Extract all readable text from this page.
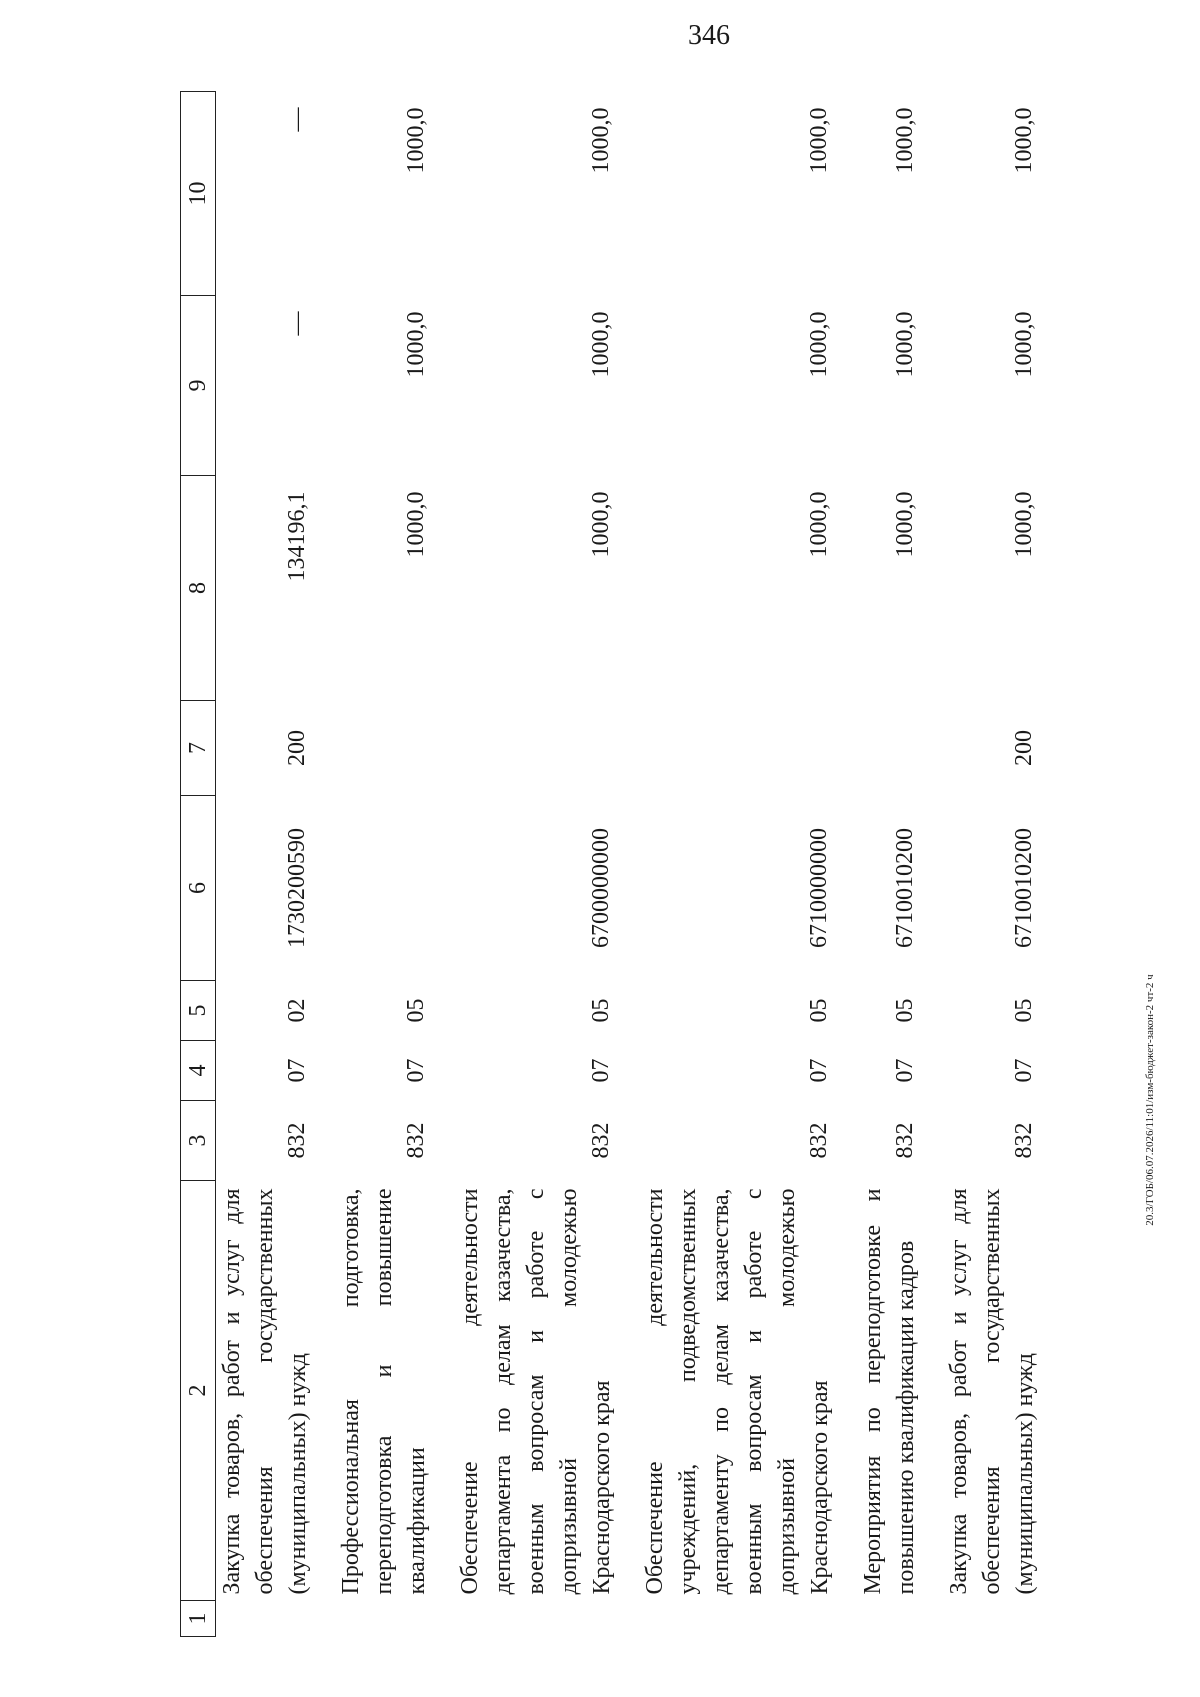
346
1	2	3	4	5	6	7	8	9	10
	Закупка товаров, работ и услуг для обеспечения государственных (муниципальных) нужд	832	07	02	1730200590	200	134196,1	—	—
	Профессиональная подготовка, переподготовка и повышение квалификации	832	07	05			1000,0	1000,0	1000,0
	Обеспечение деятельности департамента по делам казачества, военным вопросам и работе с допризывной молодежью Краснодарского края	832	07	05	6700000000		1000,0	1000,0	1000,0
	Обеспечение деятельности учреждений, подведомственных департаменту по делам казачества, военным вопросам и работе с допризывной молодежью Краснодарского края	832	07	05	6710000000		1000,0	1000,0	1000,0
	Мероприятия по переподготовке и повышению квалификации кадров	832	07	05	6710010200		1000,0	1000,0	1000,0
	Закупка товаров, работ и услуг для обеспечения государственных (муниципальных) нужд	832	07	05	6710010200	200	1000,0	1000,0	1000,0
20.3/ГОБ/06.07.2026/11:01/изм-бюджет-закон-2 чт-2 ч
